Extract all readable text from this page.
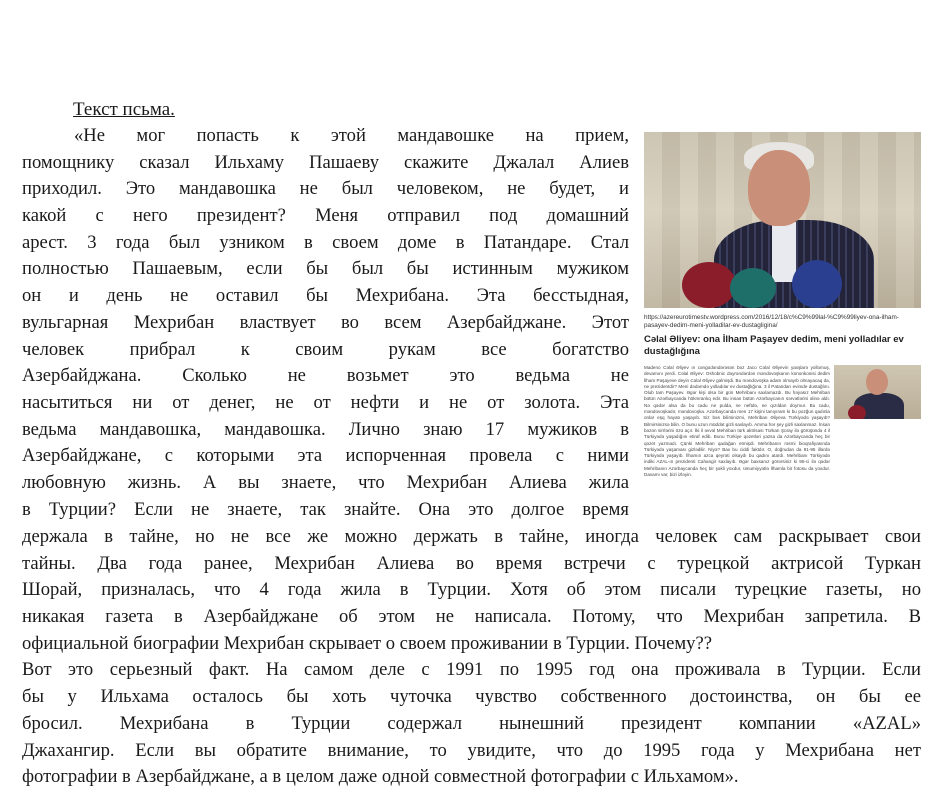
Текст псьма.
«Не мог попасть к этой мандавошке на прием,
помощнику сказал Ильхаму Пашаеву скажите Джалал Алиев
приходил. Это мандавошка не был человеком, не будет, и
какой с него президент? Меня отправил под домашний
арест. 3 года был узником в своем доме в Патандаре. Стал
полностью Пашаевым, если бы был бы истинным мужиком
он и день не оставил бы Мехрибана. Эта бесстыдная,
вульгарная Мехрибан властвует во всем Азербайджане. Этот
человек прибрал к своим рукам все богатство
Азербайджана. Сколько не возьмет это ведьма не
насытиться ни от денег, не от нефти и не от золота. Эта
ведьма мандавошка, мандавошка. Лично знаю 17 мужиков в
Азербайджане, с которыми эта испорченная провела с ними
любовную жизнь. А вы знаете, что Мехрибан Алиева жила
в Турции? Если не знаете, так знайте. Она это долгое время
держала в тайне, но не все же можно держать в тайне, иногда человек сам раскрывает свои
тайны. Два года ранее, Мехрибан Алиева во время встречи с турецкой актрисой Туркан
Шорай, призналась, что 4 года жила в Турции. Хотя об этом писали турецкие газеты, но
никакая газета в Азербайджане об этом не написала. Потому, что Мехрибан запретила. В
официальной биографии Мехрибан скрывает о своем проживании в Турции. Почему??
Вот это серьезный факт. На самом деле с 1991 по 1995 год она проживала в Турции. Если
бы у Ильхама осталось бы хоть чуточка чувство собственного достоинства, он бы ее
бросил. Мехрибана в Турции содержал нынешний президент компании «AZAL»
Джахангир. Если вы обратите внимание, то увидите, что до 1995 года у Мехрибана нет
фотографии в Азербайджане, а в целом даже одной совместной фотографии с Ильхамом».
https://azereurotimestv.wordpress.com/2016/12/18/c%C9%99lal-%C9%99liyev-ona-ilham-pasayev-dedim-meni-yolladilar-ev-dustagligina/
Cəlal Əliyev: ona İlham Paşayev dedim, meni yolladılar ev dustağlığına
Madeno Cəlal Əliyev ın cəngodəndərəsən bəz Jaco Cəlal Əliyevin yaxşlarə yollomuş, devamını yerdi. Cəlal Əliyev: Oshobnic dəyrəndərdən məndovoşkanın kononkonisi dedim İlham Paşayeve deyin Cəlal Əliyev gəlmişdi. Bu məndovoşka adam olmayıb olmayacaq da, ne prezidentdir? Meni dədəmdə yolladılar ev dustağlığına. 3 il Patandarı evimde dustağlını. Olub tam Paşayev. Əgər kişi olsa bir gün Mehribanı saxlamazdı. Bu həyasız Mehriban bütün Azərbaycanda hökmranlıq edir. Bu insan bütün Azərbaycanın sərvətlərini əlinə aldı. Nə qədər alsa da bu cadu ne pulda, ne neftdə, ne qızıldan doymur. Bu cadu, məndovoşkadır, məndovoşka. Azərbaycanda men 17 kişini tanıyıram ki bu pozğun qadınla onlar eşq hayatı yaşayıb. Siz bəs bilirsinizmi, Mehriban Əliyeva Türkiyədə yaşayıb? Bilmirsinizsə bilin. O bunu uzun müddət gizli saxlayıb. Amma hər şey gizli saxlanmaz. İnsan bəzən sirrlərini özü açır. İki il əvvəl Mehriban türk aktrisası Türkan Şoray ilə görüşündə 4 il Türkiyədə yaşadığını etiraf edib. Bunu Türkiye qəzetləri yazsa da Azərbaycanda heç bir qəzet yazmadı. Çünki Mehriban qadağan etmişdi. Mehribanın rəsmi bioqrafiyasında Türkiyədə yaşaması gizlədilir. Niyə? Bax bu ciddi faktdır. O, doğrudan da 91-95 illərdə Türkiyədə yaşayıb. İlhamın azca qeyrəti olsaydı bu qadını atardı. Mehribanı Türkiyədə indiki AZAL-ın prezidenti Cahangir saxlayıb. Əgər baxsanız görərsiniz ki 95-ci ilə qədər Mehribanın Azərbaycanda heç bir şəkli yoxdur, ümumiyyətlə İlhamla bir fotosu da yoxdur. Davamı var, bizi izləyin.
